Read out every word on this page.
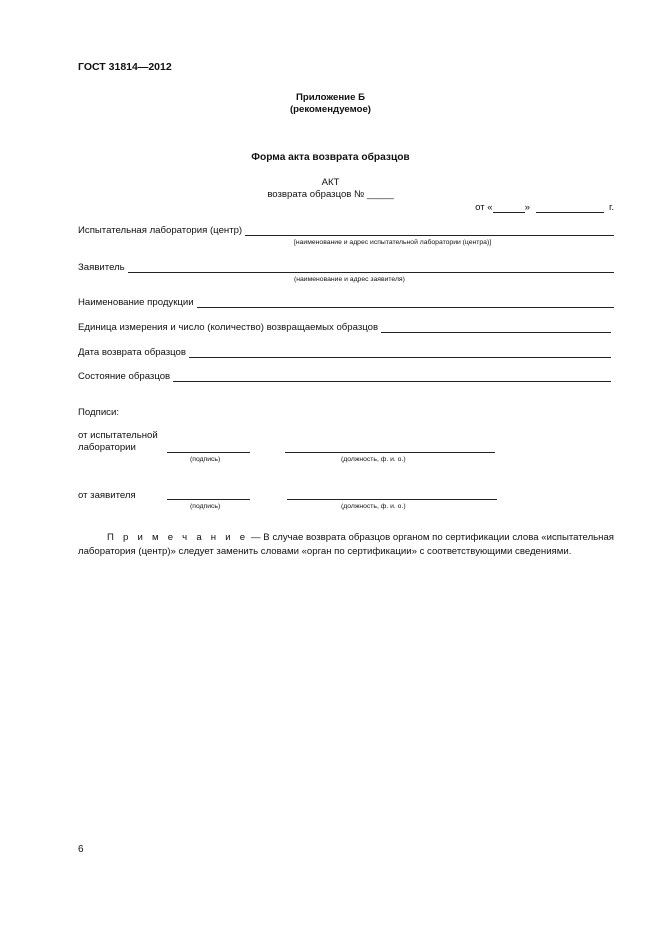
ГОСТ 31814—2012
Приложение Б
(рекомендуемое)
Форма акта возврата образцов
АКТ
возврата образцов № _____
от «	»	г.
Испытательная лаборатория (центр)
[наименование и адрес испытательной лаборатории (центра)]
Заявитель
(наименование и адрес заявителя)
Наименование продукции
Единица измерения и число (количество) возвращаемых образцов
Дата возврата образцов
Состояние образцов
Подписи:
от испытательной
лаборатории
(подпись)	(должность, ф. и. о.)
от заявителя
(подпись)	(должность, ф. и. о.)

П р и м е ч а н и е — В случае возврата образцов органом по сертификации слова «испытательная лаборатория (центр)» следует заменить словами «орган по сертификации» с соответствующими сведениями.

6
